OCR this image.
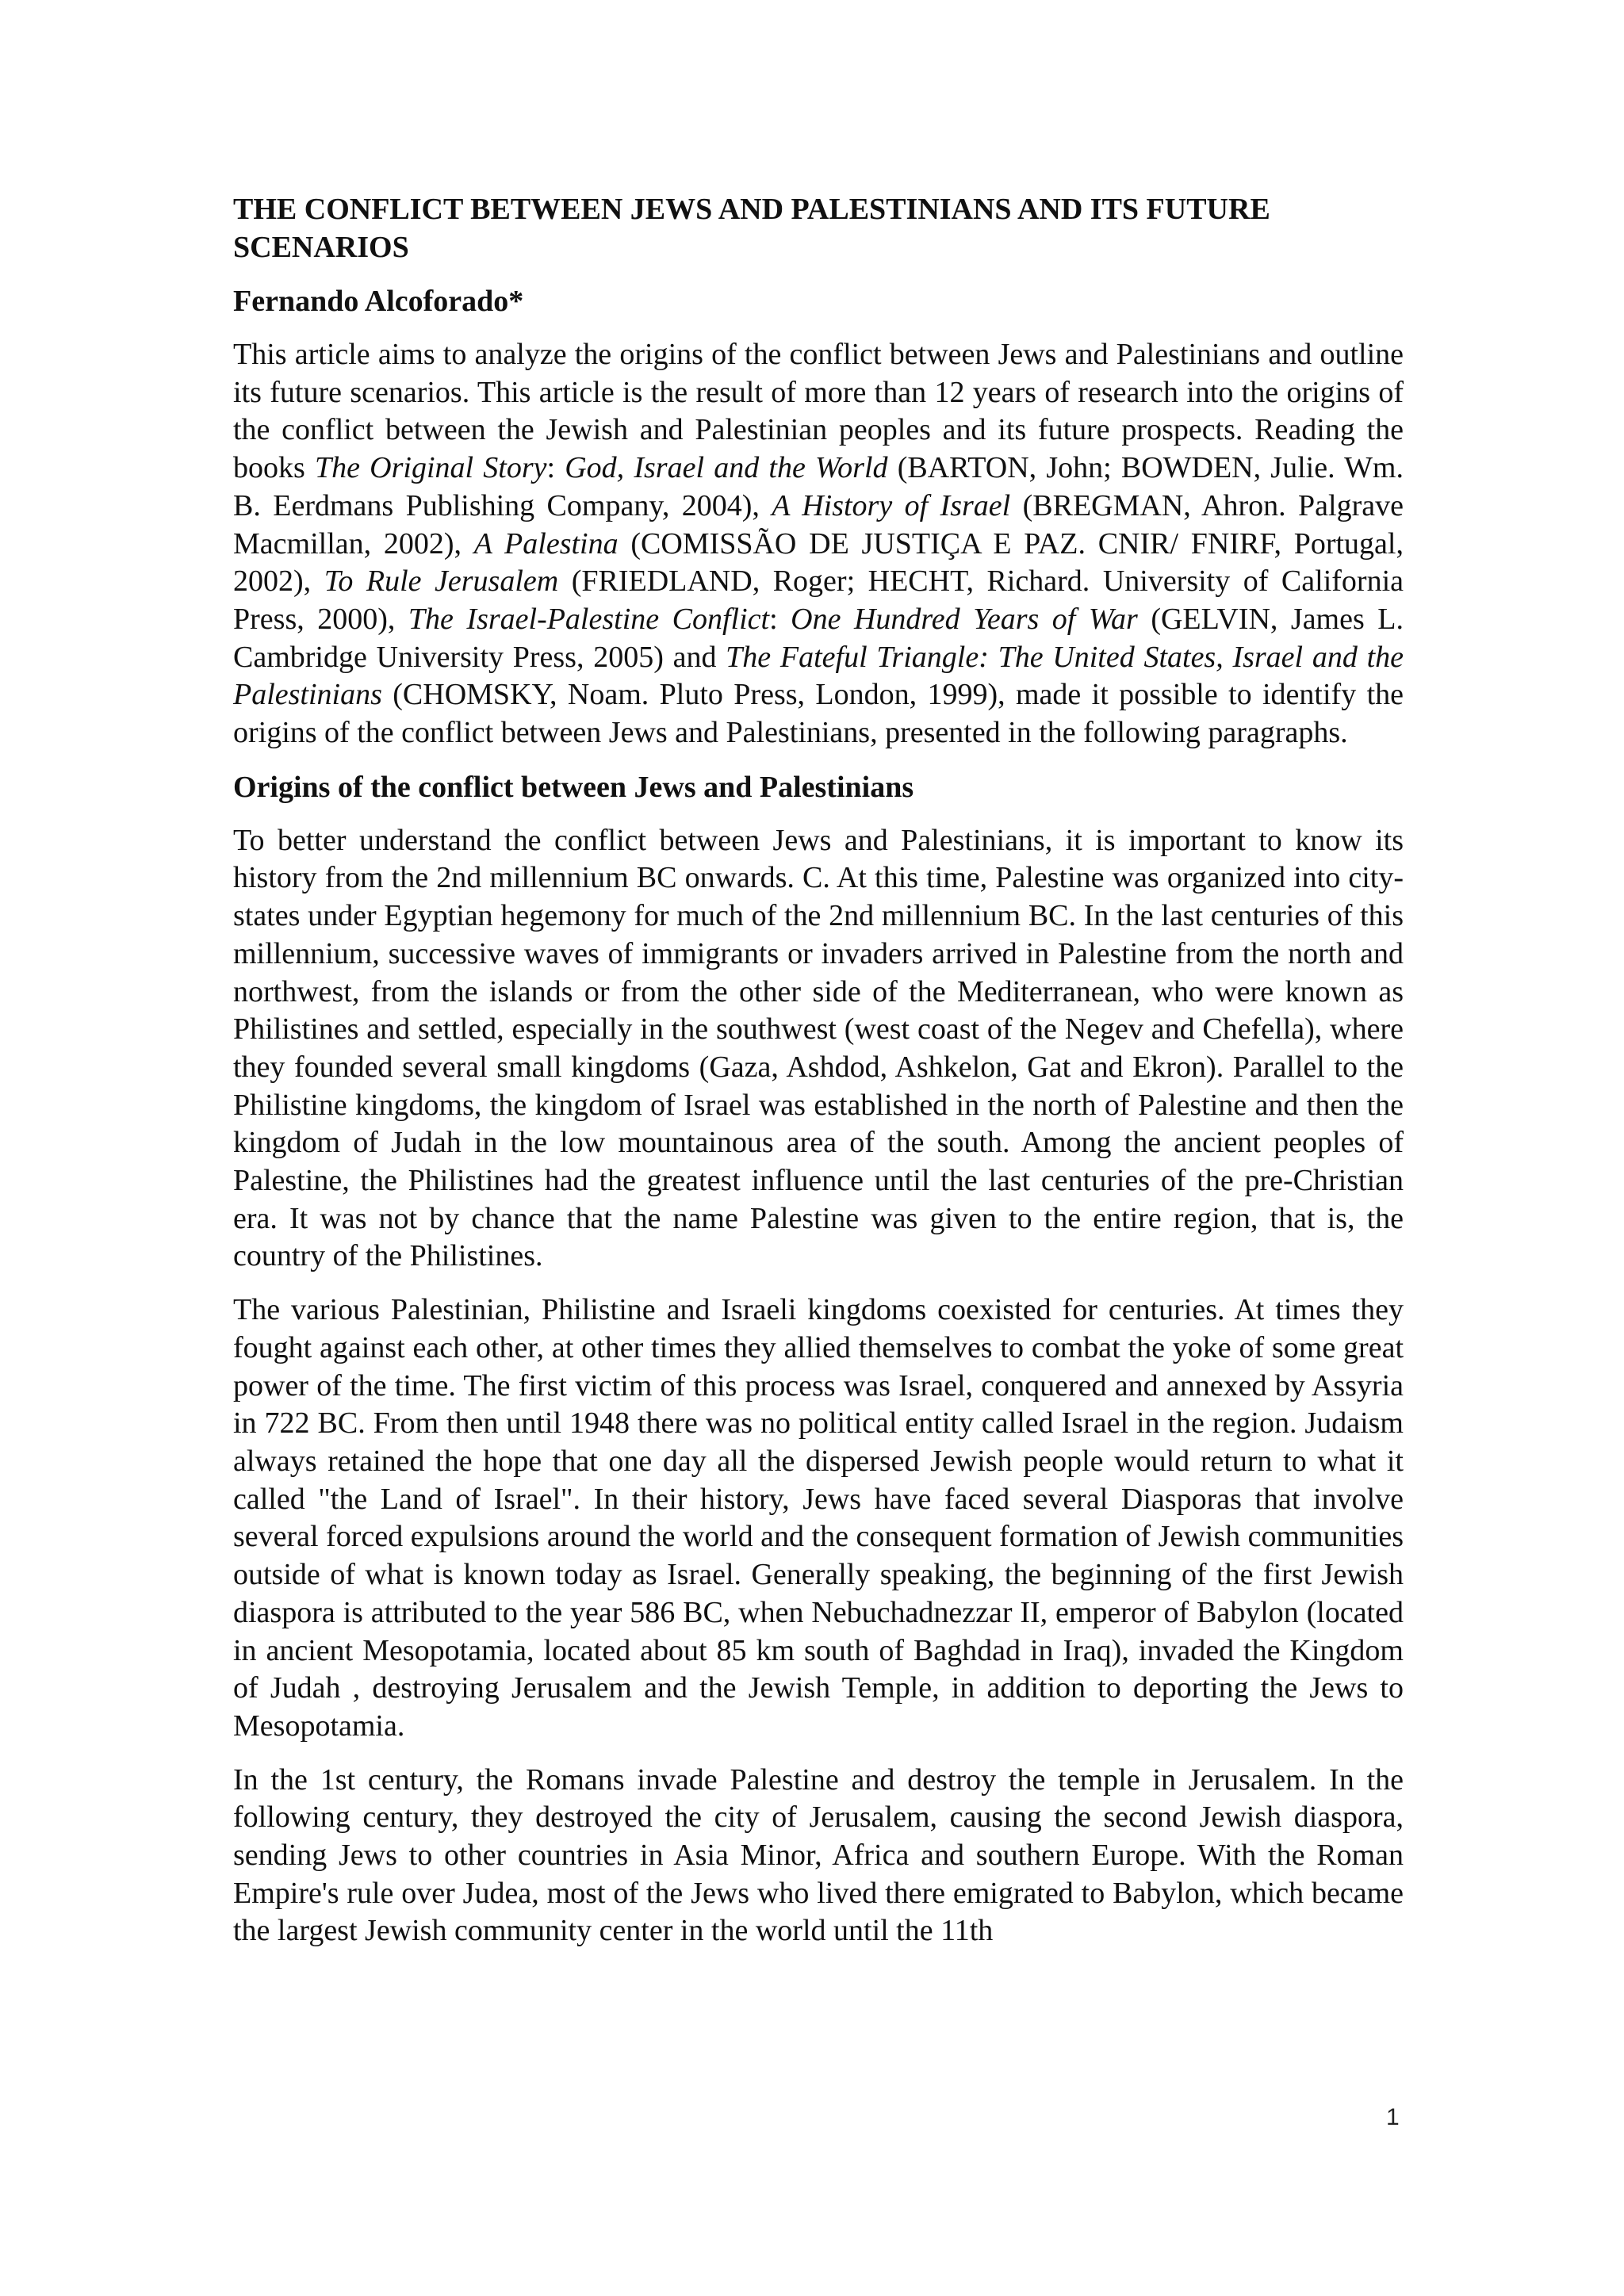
THE CONFLICT BETWEEN JEWS AND PALESTINIANS AND ITS FUTURE SCENARIOS
Fernando Alcoforado*

This article aims to analyze the origins of the conflict between Jews and Palestinians and outline its future scenarios. This article is the result of more than 12 years of research into the origins of the conflict between the Jewish and Palestinian peoples and its future prospects. Reading the books The Original Story: God, Israel and the World (BARTON, John; BOWDEN, Julie. Wm. B. Eerdmans Publishing Company, 2004), A History of Israel (BREGMAN, Ahron. Palgrave Macmillan, 2002), A Palestina (COMISSÃO DE JUSTIÇA E PAZ. CNIR/ FNIRF, Portugal, 2002), To Rule Jerusalem (FRIEDLAND, Roger; HECHT, Richard. University of California Press, 2000), The Israel-Palestine Conflict: One Hundred Years of War (GELVIN, James L. Cambridge University Press, 2005) and The Fateful Triangle: The United States, Israel and the Palestinians (CHOMSKY, Noam. Pluto Press, London, 1999), made it possible to identify the origins of the conflict between Jews and Palestinians, presented in the following paragraphs.

Origins of the conflict between Jews and Palestinians

To better understand the conflict between Jews and Palestinians, it is important to know its history from the 2nd millennium BC onwards. C. At this time, Palestine was organized into city-states under Egyptian hegemony for much of the 2nd millennium BC. In the last centuries of this millennium, successive waves of immigrants or invaders arrived in Palestine from the north and northwest, from the islands or from the other side of the Mediterranean, who were known as Philistines and settled, especially in the southwest (west coast of the Negev and Chefella), where they founded several small kingdoms (Gaza, Ashdod, Ashkelon, Gat and Ekron). Parallel to the Philistine kingdoms, the kingdom of Israel was established in the north of Palestine and then the kingdom of Judah in the low mountainous area of the south. Among the ancient peoples of Palestine, the Philistines had the greatest influence until the last centuries of the pre-Christian era. It was not by chance that the name Palestine was given to the entire region, that is, the country of the Philistines.

The various Palestinian, Philistine and Israeli kingdoms coexisted for centuries. At times they fought against each other, at other times they allied themselves to combat the yoke of some great power of the time. The first victim of this process was Israel, conquered and annexed by Assyria in 722 BC. From then until 1948 there was no political entity called Israel in the region. Judaism always retained the hope that one day all the dispersed Jewish people would return to what it called "the Land of Israel". In their history, Jews have faced several Diasporas that involve several forced expulsions around the world and the consequent formation of Jewish communities outside of what is known today as Israel. Generally speaking, the beginning of the first Jewish diaspora is attributed to the year 586 BC, when Nebuchadnezzar II, emperor of Babylon (located in ancient Mesopotamia, located about 85 km south of Baghdad in Iraq), invaded the Kingdom of Judah , destroying Jerusalem and the Jewish Temple, in addition to deporting the Jews to Mesopotamia.

In the 1st century, the Romans invade Palestine and destroy the temple in Jerusalem. In the following century, they destroyed the city of Jerusalem, causing the second Jewish diaspora, sending Jews to other countries in Asia Minor, Africa and southern Europe. With the Roman Empire's rule over Judea, most of the Jews who lived there emigrated to Babylon, which became the largest Jewish community center in the world until the 11th

1
